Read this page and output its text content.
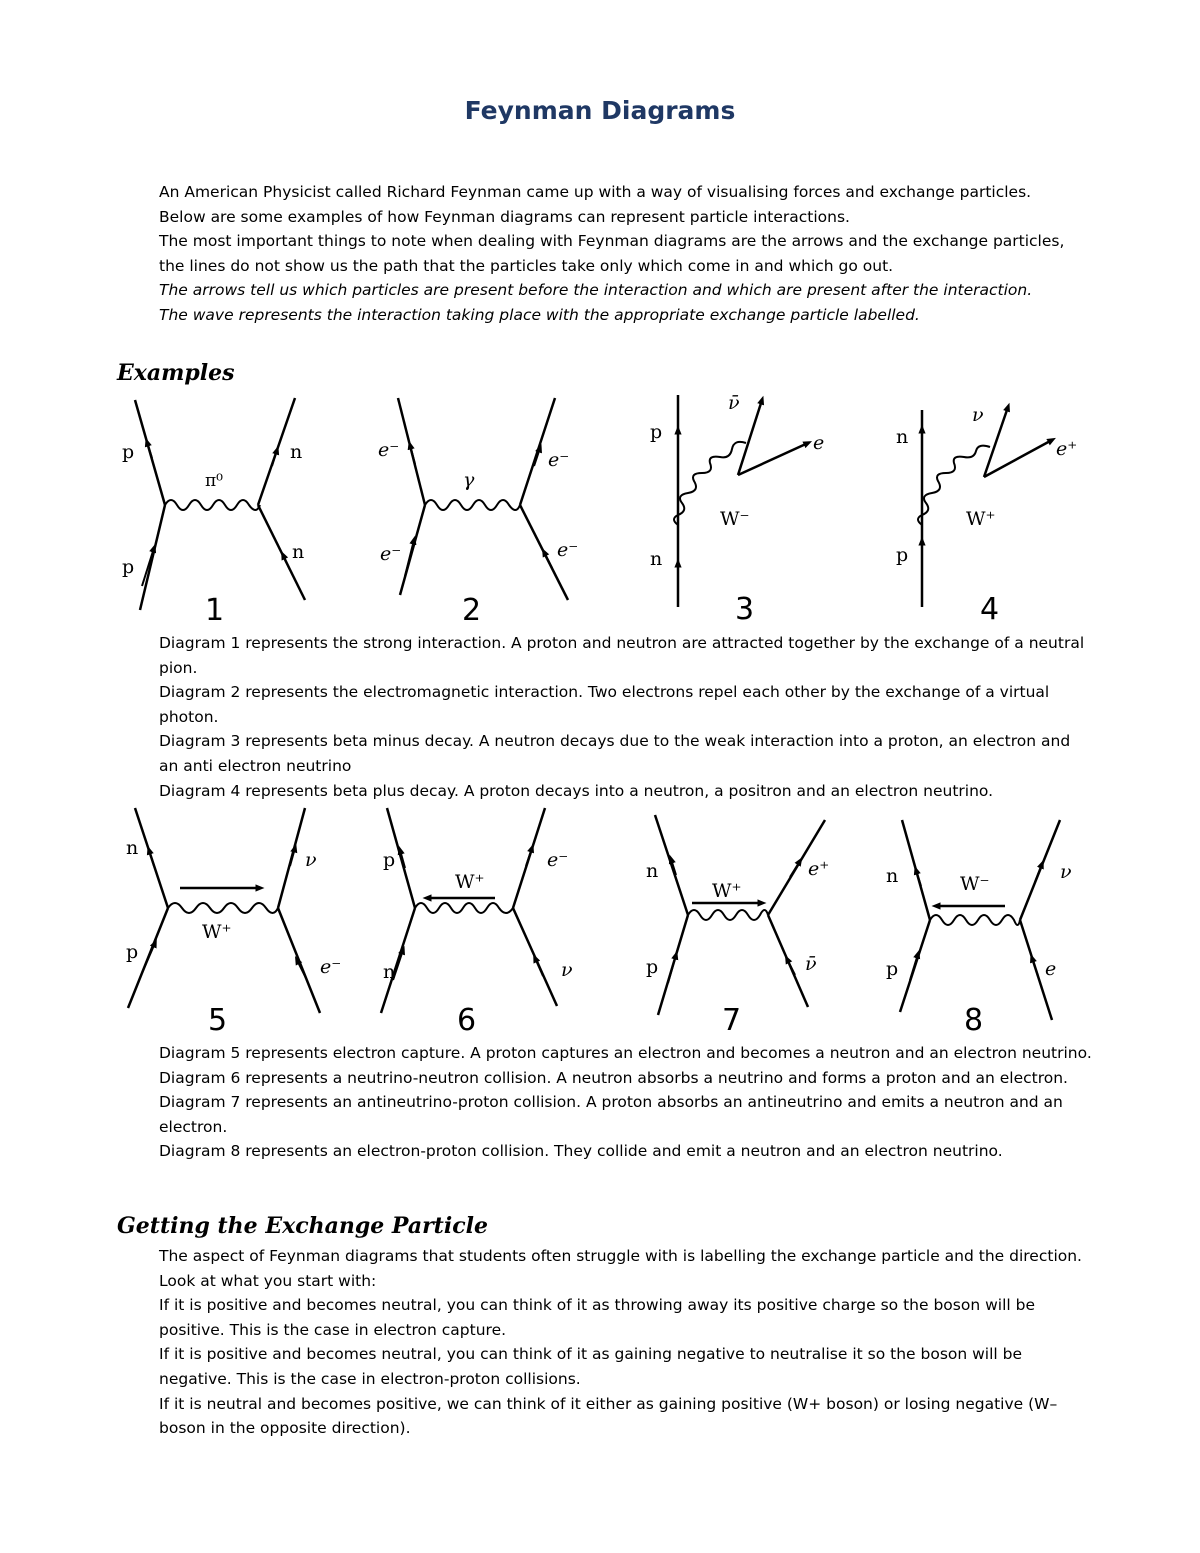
Feynman Diagrams

An American Physicist called Richard Feynman came up with a way of visualising forces and exchange particles.

Below are some examples of how Feynman diagrams can represent particle interactions.

The most important things to note when dealing with Feynman diagrams are the arrows and the exchange particles, the lines do not show us the path that the particles take only which come in and which go out.

The arrows tell us which particles are present before the interaction and which are present after the interaction.

The wave represents the interaction taking place with the appropriate exchange particle labelled.

Examples
p
p
n
n
π⁰
1
e⁻
e⁻
e⁻
e⁻
γ
2
p
n
W⁻
ν̄
e
3
n
p
W⁺
ν
e⁺
4

Diagram 1 represents the strong interaction. A proton and neutron are attracted together by the exchange of a neutral pion.

Diagram 2 represents the electromagnetic interaction. Two electrons repel each other by the exchange of a virtual photon.

Diagram 3 represents beta minus decay. A neutron decays due to the weak interaction into a proton, an electron and an anti electron neutrino

Diagram 4 represents beta plus decay. A proton decays into a neutron, a positron and an electron neutrino.

n
p
ν
e⁻
W⁺
5
p
n
e⁻
ν
W⁺
6
n
p
e⁺
ν̄
W⁺
7
n
p
ν
e
W⁻
8

Diagram 5 represents electron capture. A proton captures an electron and becomes a neutron and an electron neutrino.

Diagram 6 represents a neutrino-neutron collision. A neutron absorbs a neutrino and forms a proton and an electron.

Diagram 7 represents an antineutrino-proton collision. A proton absorbs an antineutrino and emits a neutron and an electron.

Diagram 8 represents an electron-proton collision. They collide and emit a neutron and an electron neutrino.

Getting the Exchange Particle

The aspect of Feynman diagrams that students often struggle with is labelling the exchange particle and the direction. Look at what you start with:

If it is positive and becomes neutral, you can think of it as throwing away its positive charge so the boson will be positive. This is the case in electron capture.

If it is positive and becomes neutral, you can think of it as gaining negative to neutralise it so the boson will be negative. This is the case in electron-proton collisions.

If it is neutral and becomes positive, we can think of it either as gaining positive (W+ boson) or losing negative (W– boson in the opposite direction).
